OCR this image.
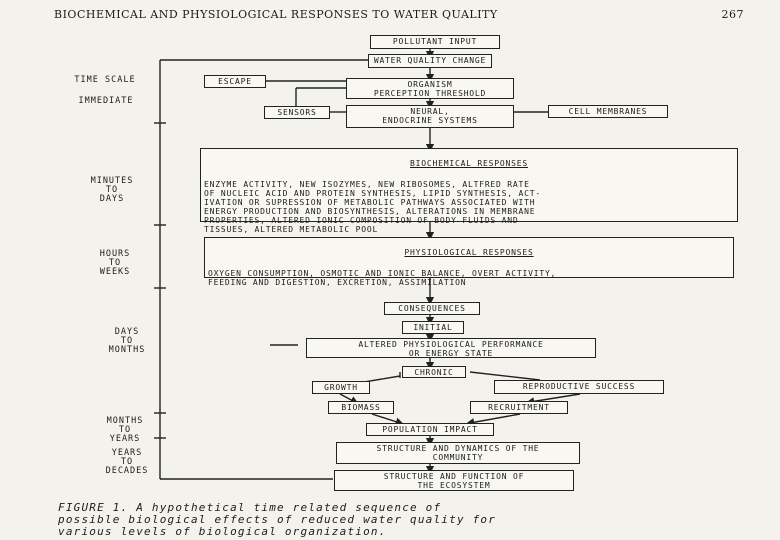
BIOCHEMICAL AND PHYSIOLOGICAL RESPONSES TO WATER QUALITY	267
TIME SCALE
IMMEDIATE
MINUTES
TO
DAYS
HOURS
TO
WEEKS
DAYS
TO
MONTHS
MONTHS
TO
YEARS
YEARS
TO
DECADES
POLLUTANT INPUT
WATER QUALITY CHANGE
ESCAPE	ORGANISM
PERCEPTION THRESHOLD
SENSORS	NEURAL,
ENDOCRINE SYSTEMS
CELL MEMBRANES

BIOCHEMICAL RESPONSES

ENZYME ACTIVITY, NEW ISOZYMES, NEW RIBOSOMES, ALTFRED RATE
OF NUCLEIC ACID AND PROTEIN SYNTHESIS, LIPID SYNTHESIS, ACT-
IVATION OR SUPRESSION OF METABOLIC PATHWAYS ASSOCIATED WITH
ENERGY PRODUCTION AND BIOSYNTHESIS, ALTERATIONS IN MEMBRANE
PROPERTIES, ALTERED IONIC COMPOSITION OF BODY FLUIDS AND
TISSUES, ALTERED METABOLIC POOL

PHYSIOLOGICAL RESPONSES

OXYGEN CONSUMPTION, OSMOTIC AND IONIC BALANCE, OVERT ACTIVITY,
FEEDING AND DIGESTION, EXCRETION, ASSIMILATION

CONSEQUENCES
INITIAL
ALTERED PHYSIOLOGICAL PERFORMANCE
OR ENERGY STATE
CHRONIC
GROWTH	REPRODUCTIVE SUCCESS
BIOMASS	RECRUITMENT
POPULATION IMPACT
STRUCTURE AND DYNAMICS OF THE
COMMUNITY
STRUCTURE AND FUNCTION OF
THE ECOSYSTEM
FIGURE 1. A hypothetical time related sequence of
possible biological effects of reduced water quality for
various levels of biological organization.
